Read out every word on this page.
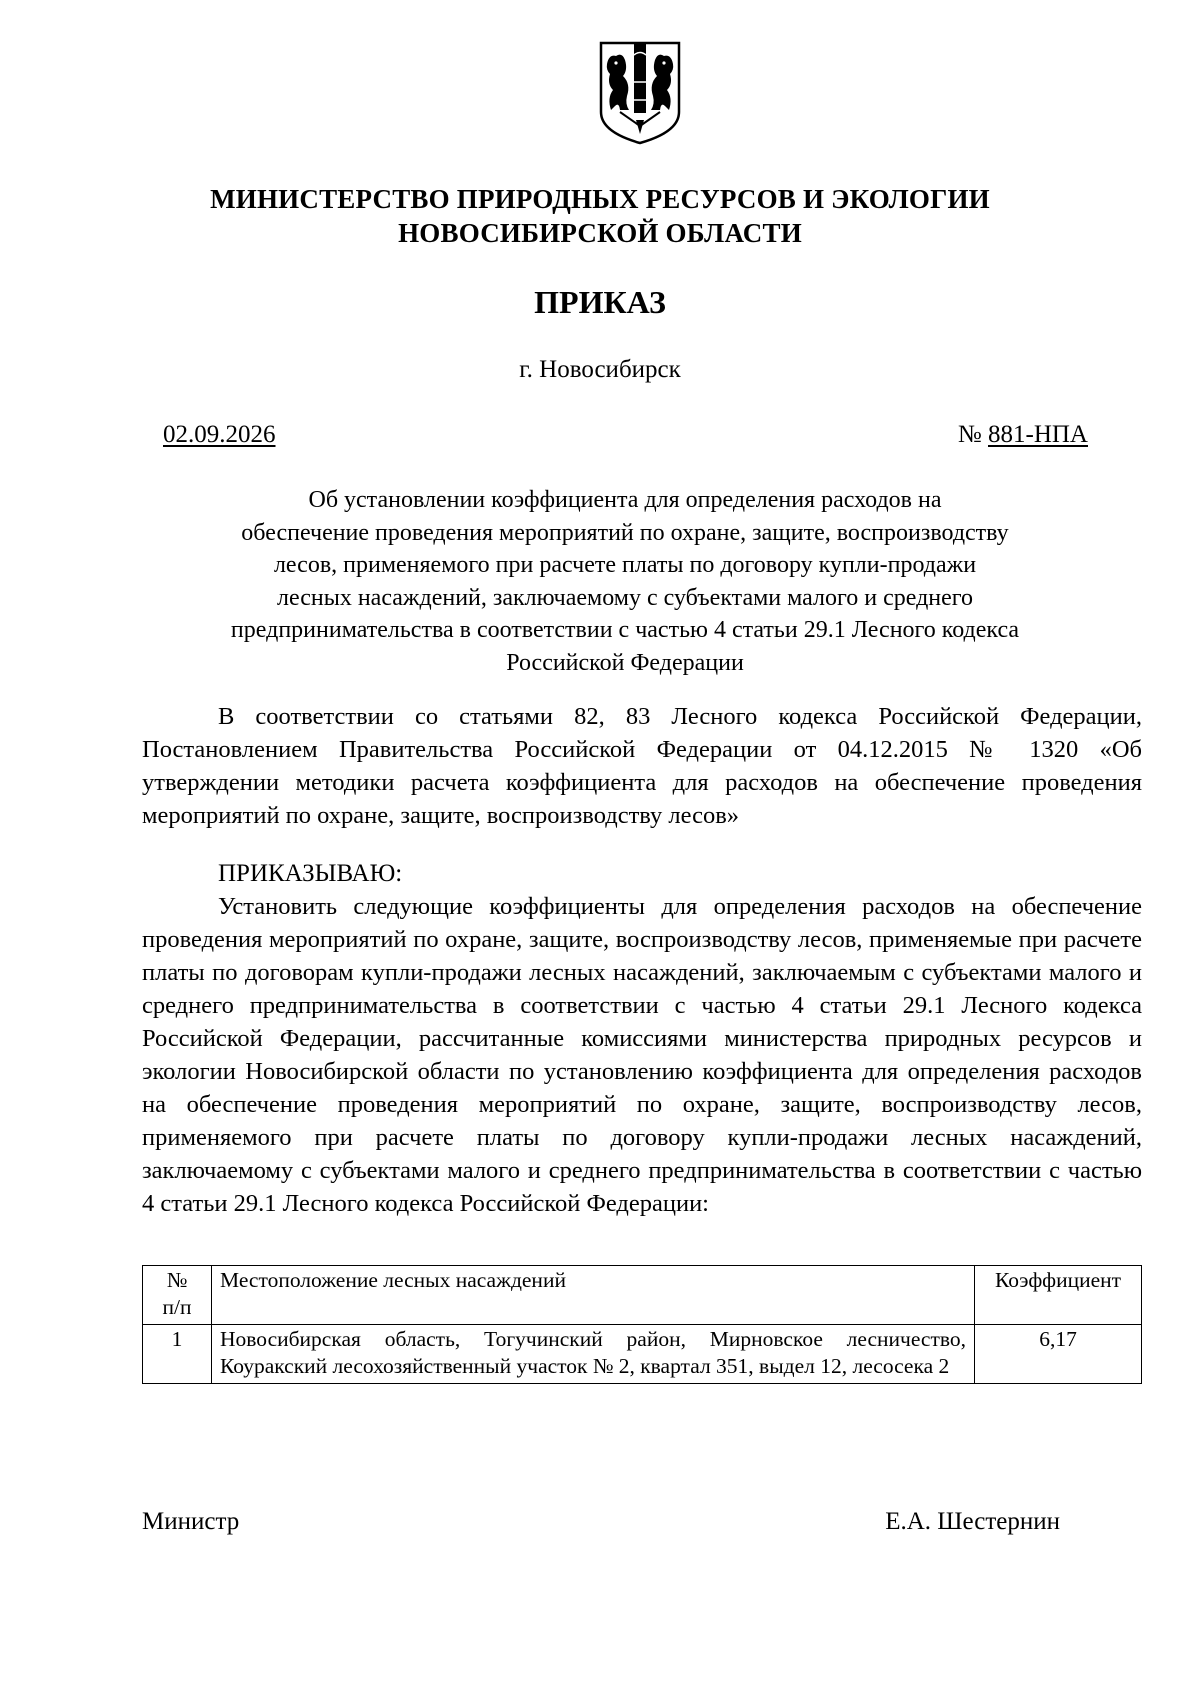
МИНИСТЕРСТВО ПРИРОДНЫХ РЕСУРСОВ И ЭКОЛОГИИ
НОВОСИБИРСКОЙ ОБЛАСТИ
ПРИКАЗ
г. Новосибирск
02.09.2026	№ 881-НПА
Об установлении коэффициента для определения расходов на
обеспечение проведения мероприятий по охране, защите, воспроизводству
лесов, применяемого при расчете платы по договору купли-продажи
лесных насаждений, заключаемому с субъектами малого и среднего
предпринимательства в соответствии с частью 4 статьи 29.1 Лесного кодекса
Российской Федерации

В соответствии со статьями 82, 83 Лесного кодекса Российской Федерации, Постановлением Правительства Российской Федерации от 04.12.2015 № 1320 «Об утверждении методики расчета коэффициента для расходов на обеспечение проведения мероприятий по охране, защите, воспроизводству лесов»

ПРИКАЗЫВАЮ:

Установить следующие коэффициенты для определения расходов на обеспечение проведения мероприятий по охране, защите, воспроизводству лесов, применяемые при расчете платы по договорам купли-продажи лесных насаждений, заключаемым с субъектами малого и среднего предпринимательства в соответствии с частью 4 статьи 29.1 Лесного кодекса Российской Федерации, рассчитанные комиссиями министерства природных ресурсов и экологии Новосибирской области по установлению коэффициента для определения расходов на обеспечение проведения мероприятий по охране, защите, воспроизводству лесов, применяемого при расчете платы по договору купли-продажи лесных насаждений, заключаемому с субъектами малого и среднего предпринимательства в соответствии с частью 4 статьи 29.1 Лесного кодекса Российской Федерации:

№
п/п	Местоположение лесных насаждений	Коэффициент
1	Новосибирская область, Тогучинский район, Мирновское лесничество, Коуракский лесохозяйственный участок № 2, квартал 351, выдел 12, лесосека 2	6,17
Министр	Е.А. Шестернин
